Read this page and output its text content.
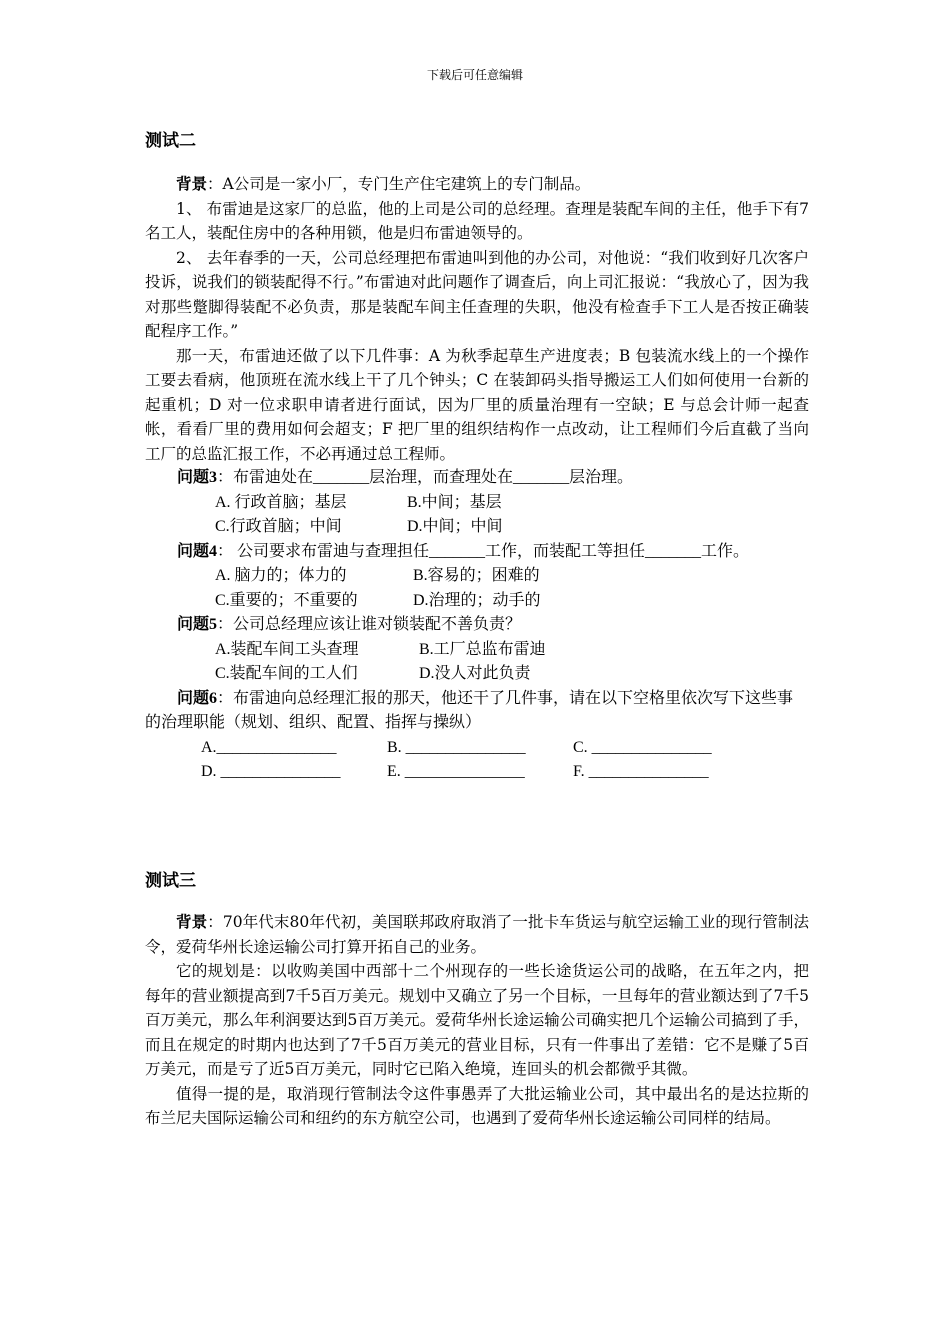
下载后可任意编辑
测试二

背景：A公司是一家小厂，专门生产住宅建筑上的专门制品。

1、 布雷迪是这家厂的总监，他的上司是公司的总经理。查理是装配车间的主任，他手下有7名工人，装配住房中的各种用锁，他是归布雷迪领导的。

2、 去年春季的一天，公司总经理把布雷迪叫到他的办公司，对他说：“我们收到好几次客户投诉，说我们的锁装配得不行。”布雷迪对此问题作了调查后，向上司汇报说：“我放心了，因为我对那些蹩脚得装配不必负责，那是装配车间主任查理的失职，他没有检查手下工人是否按正确装配程序工作。”

那一天，布雷迪还做了以下几件事：A 为秋季起草生产进度表；B 包装流水线上的一个操作工要去看病，他顶班在流水线上干了几个钟头；C 在装卸码头指导搬运工人们如何使用一台新的起重机；D 对一位求职申请者进行面试，因为厂里的质量治理有一空缺；E 与总会计师一起查帐，看看厂里的费用如何会超支；F 把厂里的组织结构作一点改动，让工程师们今后直截了当向工厂的总监汇报工作，不必再通过总工程师。

问题3：布雷迪处在_______层治理，而查理处在_______层治理。
A. 行政首脑；基层	B.中间；基层
C.行政首脑；中间	D.中间；中间
问题4： 公司要求布雷迪与查理担任_______工作，而装配工等担任_______工作。
A. 脑力的；体力的	B.容易的；困难的
C.重要的；不重要的	D.治理的；动手的
问题5：公司总经理应该让谁对锁装配不善负责？
A.装配车间工头查理	B.工厂总监布雷迪
C.装配车间的工人们	D.没人对此负责
问题6：布雷迪向总经理汇报的那天，他还干了几件事，请在以下空格里依次写下这些事的治理职能（规划、组织、配置、指挥与操纵）
A._______________	B. _______________	C. _______________
D. _______________	E. _______________	F. _______________
测试三

背景：70年代末80年代初，美国联邦政府取消了一批卡车货运与航空运输工业的现行管制法令，爱荷华州长途运输公司打算开拓自己的业务。

它的规划是：以收购美国中西部十二个州现存的一些长途货运公司的战略，在五年之内，把每年的营业额提高到7千5百万美元。规划中又确立了另一个目标，一旦每年的营业额达到了7千5百万美元，那么年利润要达到5百万美元。爱荷华州长途运输公司确实把几个运输公司搞到了手，而且在规定的时期内也达到了7千5百万美元的营业目标，只有一件事出了差错：它不是赚了5百万美元，而是亏了近5百万美元，同时它已陷入绝境，连回头的机会都微乎其微。

值得一提的是，取消现行管制法令这件事愚弄了大批运输业公司，其中最出名的是达拉斯的布兰尼夫国际运输公司和纽约的东方航空公司，也遇到了爱荷华州长途运输公司同样的结局。
